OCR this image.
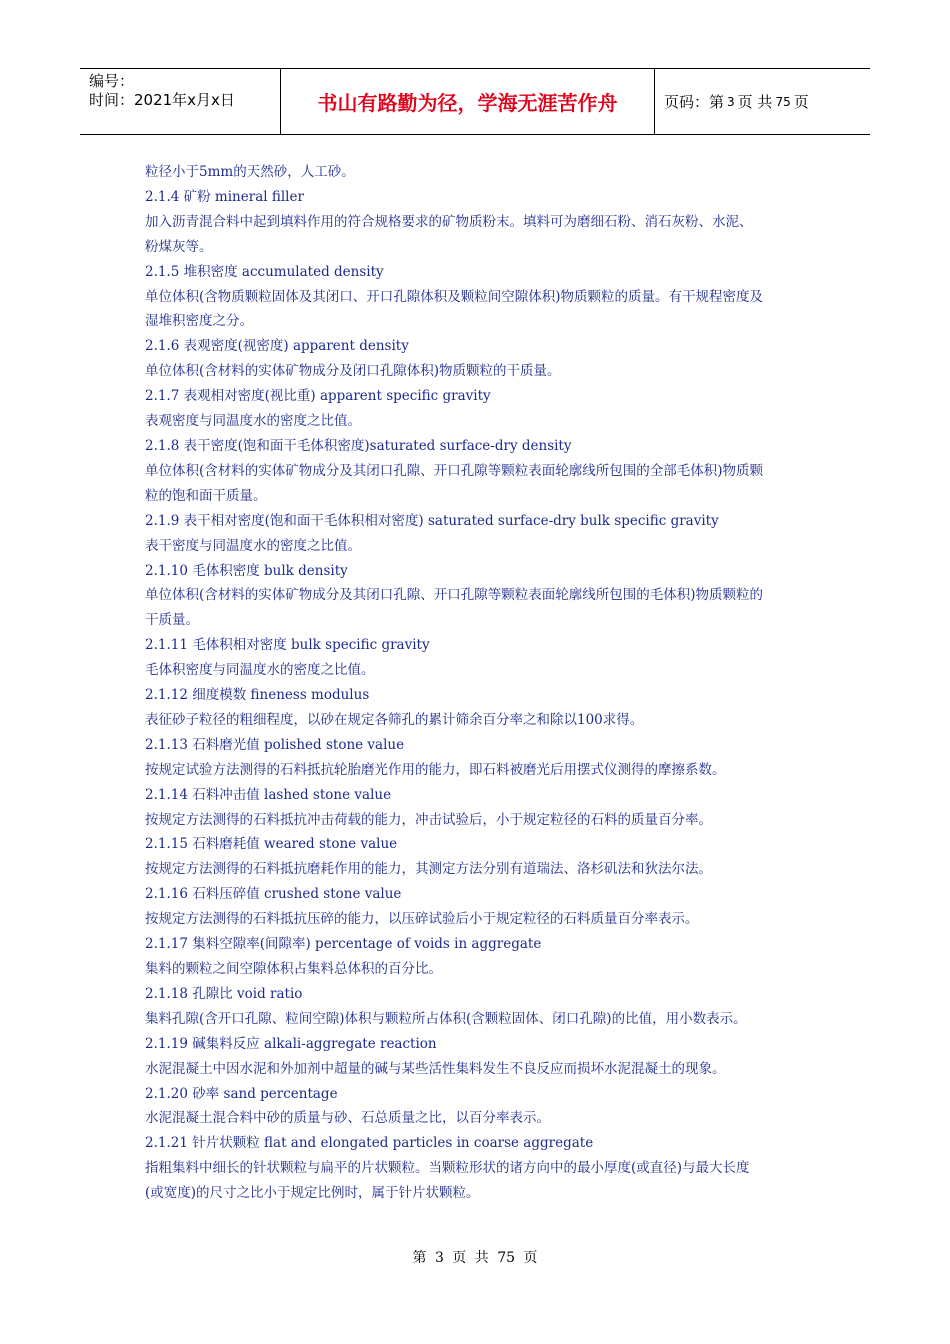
编号：
时间：2021年x月x日	书山有路勤为径，学海无涯苦作舟	页码：第 3 页 共 75 页

粒径小于5mm的天然砂，人工砂。

2.1.4 矿粉 mineral filler

加入沥青混合料中起到填料作用的符合规格要求的矿物质粉末。填料可为磨细石粉、消石灰粉、水泥、

粉煤灰等。

2.1.5 堆积密度 accumulated density

单位体积(含物质颗粒固体及其闭口、开口孔隙体积及颗粒间空隙体积)物质颗粒的质量。有干规程密度及

湿堆积密度之分。

2.1.6 表观密度(视密度) apparent density

单位体积(含材料的实体矿物成分及闭口孔隙体积)物质颗粒的干质量。

2.1.7 表观相对密度(视比重) apparent specific gravity

表观密度与同温度水的密度之比值。

2.1.8 表干密度(饱和面干毛体积密度)saturated surface-dry density

单位体积(含材料的实体矿物成分及其闭口孔隙、开口孔隙等颗粒表面轮廓线所包围的全部毛体积)物质颗

粒的饱和面干质量。

2.1.9 表干相对密度(饱和面干毛体积相对密度) saturated surface-dry bulk specific gravity

表干密度与同温度水的密度之比值。

2.1.10 毛体积密度 bulk density

单位体积(含材料的实体矿物成分及其闭口孔隙、开口孔隙等颗粒表面轮廓线所包围的毛体积)物质颗粒的

干质量。

2.1.11 毛体积相对密度 bulk specific gravity

毛体积密度与同温度水的密度之比值。

2.1.12 细度模数 fineness modulus

表征砂子粒径的粗细程度，以砂在规定各筛孔的累计筛余百分率之和除以100求得。

2.1.13 石料磨光值 polished stone value

按规定试验方法测得的石料抵抗轮胎磨光作用的能力，即石料被磨光后用摆式仪测得的摩擦系数。

2.1.14 石料冲击值 lashed stone value

按规定方法测得的石料抵抗冲击荷载的能力，冲击试验后，小于规定粒径的石料的质量百分率。

2.1.15 石料磨耗值 weared stone value

按规定方法测得的石料抵抗磨耗作用的能力，其测定方法分别有道瑞法、洛杉矶法和狄法尔法。

2.1.16 石料压碎值 crushed stone value

按规定方法测得的石料抵抗压碎的能力，以压碎试验后小于规定粒径的石料质量百分率表示。

2.1.17 集料空隙率(间隙率) percentage of voids in aggregate

集料的颗粒之间空隙体积占集料总体积的百分比。

2.1.18 孔隙比 void ratio

集料孔隙(含开口孔隙、粒间空隙)体积与颗粒所占体积(含颗粒固体、闭口孔隙)的比值，用小数表示。

2.1.19 碱集料反应 alkali-aggregate reaction

水泥混凝土中因水泥和外加剂中超量的碱与某些活性集料发生不良反应而损坏水泥混凝土的现象。

2.1.20 砂率 sand percentage

水泥混凝土混合料中砂的质量与砂、石总质量之比，以百分率表示。

2.1.21 针片状颗粒 flat and elongated particles in coarse aggregate

指粗集料中细长的针状颗粒与扁平的片状颗粒。当颗粒形状的诸方向中的最小厚度(或直径)与最大长度

(或宽度)的尺寸之比小于规定比例时，属于针片状颗粒。

第 3 页 共 75 页
